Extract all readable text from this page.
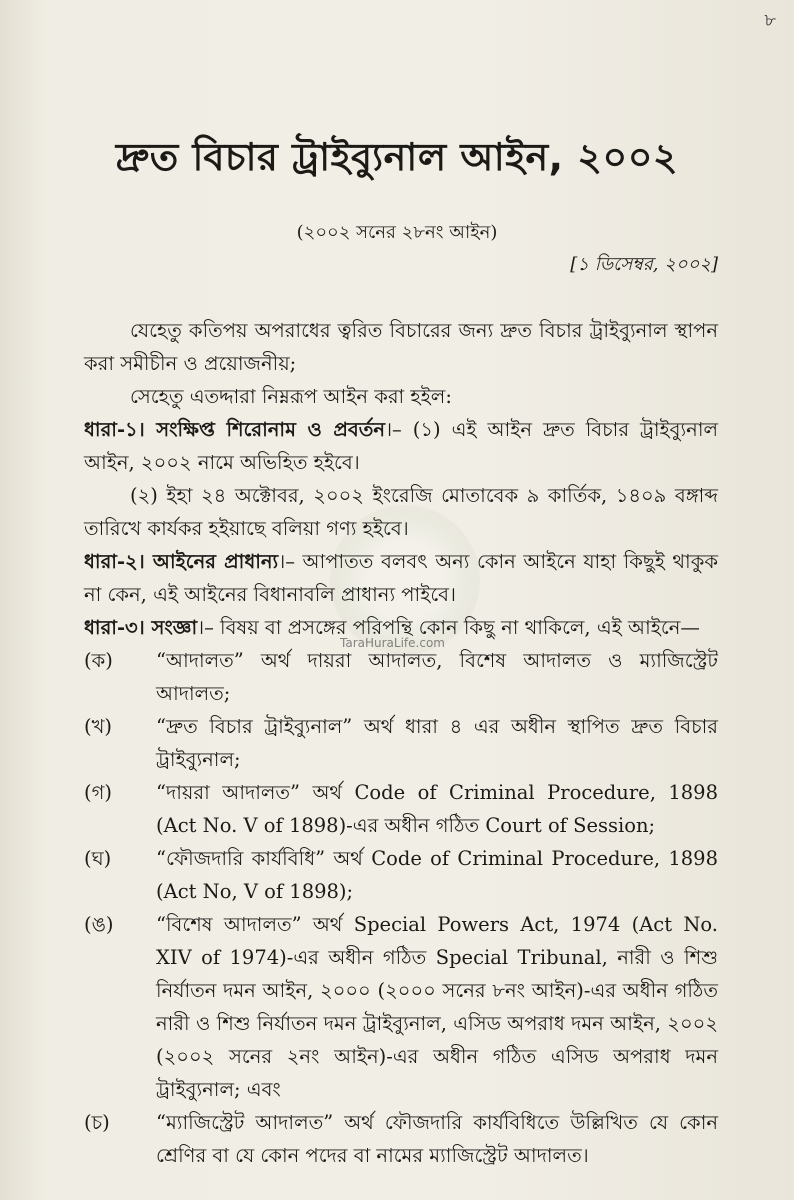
৮
TaraHuraLife.com
দ্রুত বিচার ট্রাইব্যুনাল আইন, ২০০২
(২০০২ সনের ২৮নং আইন)
[১ ডিসেম্বর, ২০০২]

যেহেতু কতিপয় অপরাধের ত্বরিত বিচারের জন্য দ্রুত বিচার ট্রাইব্যুনাল স্থাপন করা সমীচীন ও প্রয়োজনীয়;

সেহেতু এতদ্দারা নিম্নরূপ আইন করা হইল:

ধারা-১। সংক্ষিপ্ত শিরোনাম ও প্রবর্তন।– (১) এই আইন দ্রুত বিচার ট্রাইব্যুনাল আইন, ২০০২ নামে অভিহিত হইবে।

(২) ইহা ২৪ অক্টোবর, ২০০২ ইংরেজি মোতাবেক ৯ কার্তিক, ১৪০৯ বঙ্গাব্দ তারিখে কার্যকর হইয়াছে বলিয়া গণ্য হইবে।

ধারা-২। আইনের প্রাধান্য।– আপাতত বলবৎ অন্য কোন আইনে যাহা কিছুই থাকুক না কেন, এই আইনের বিধানাবলি প্রাধান্য পাইবে।

ধারা-৩। সংজ্ঞা।– বিষয় বা প্রসঙ্গের পরিপন্থি কোন কিছু না থাকিলে, এই আইনে—

(ক)	“আদালত” অর্থ দায়রা আদালত, বিশেষ আদালত ও ম্যাজিস্ট্রেট আদালত;
(খ)	“দ্রুত বিচার ট্রাইব্যুনাল” অর্থ ধারা ৪ এর অধীন স্থাপিত দ্রুত বিচার ট্রাইব্যুনাল;
(গ)	“দায়রা আদালত” অর্থ Code of Criminal Procedure, 1898 (Act No. V of 1898)-এর অধীন গঠিত Court of Session;
(ঘ)	“ফৌজদারি কার্যবিধি” অর্থ Code of Criminal Procedure, 1898 (Act No, V of 1898);
(ঙ)	“বিশেষ আদালত” অর্থ Special Powers Act, 1974 (Act No. XIV of 1974)-এর অধীন গঠিত Special Tribunal, নারী ও শিশু নির্যাতন দমন আইন, ২০০০ (২০০০ সনের ৮নং আইন)-এর অধীন গঠিত নারী ও শিশু নির্যাতন দমন ট্রাইব্যুনাল, এসিড অপরাধ দমন আইন, ২০০২ (২০০২ সনের ২নং আইন)-এর অধীন গঠিত এসিড অপরাধ দমন ট্রাইব্যুনাল; এবং
(চ)	“ম্যাজিস্ট্রেট আদালত” অর্থ ফৌজদারি কার্যবিধিতে উল্লিখিত যে কোন শ্রেণির বা যে কোন পদের বা নামের ম্যাজিস্ট্রেট আদালত।
